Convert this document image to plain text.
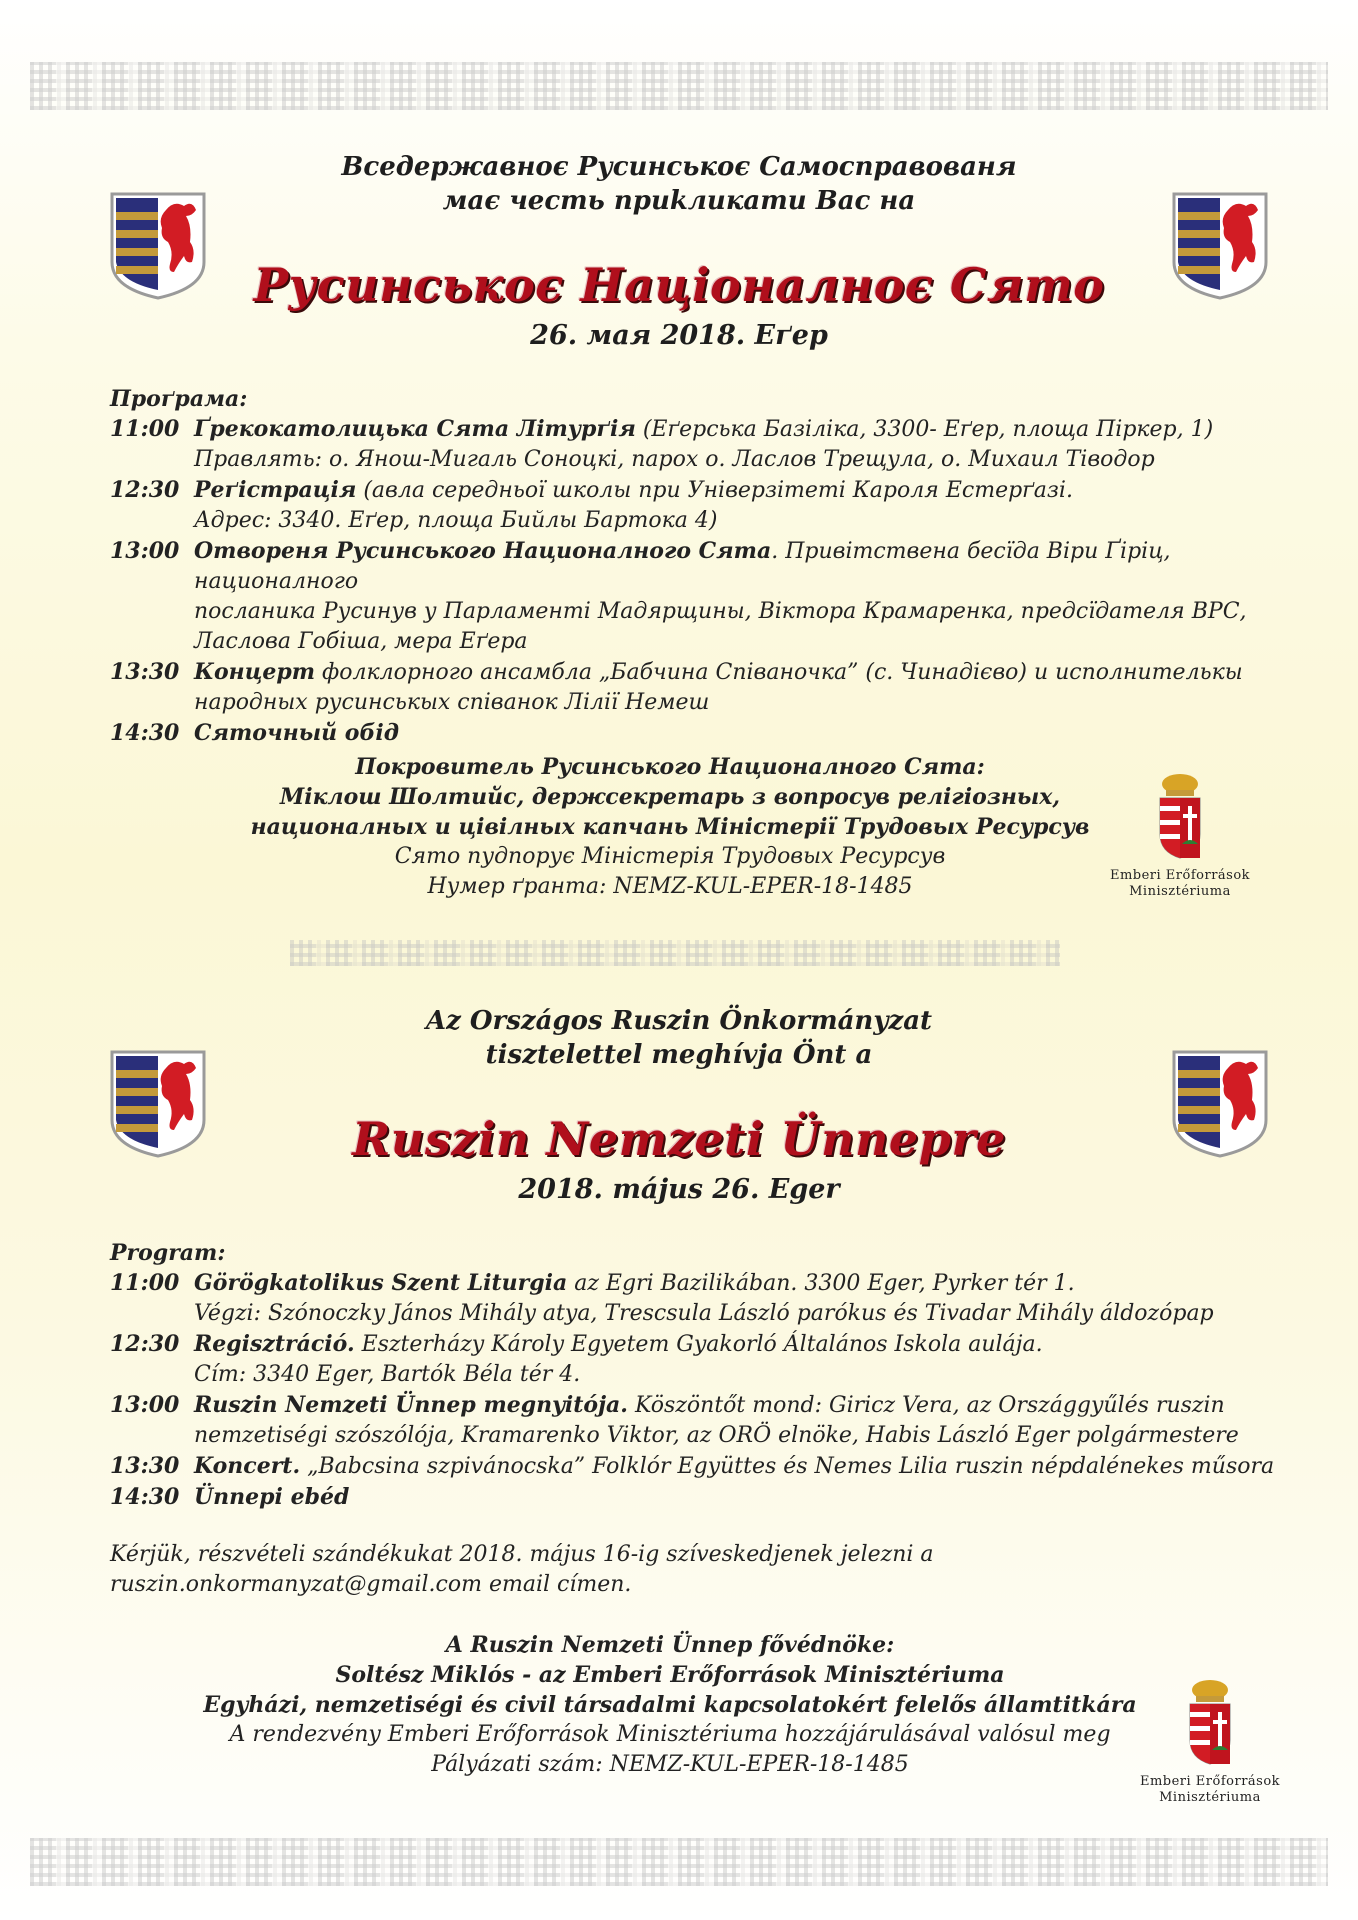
Вседержавноє Русинськоє Самосправованя
має честь приkликати Вас на
Русинськоє Націоналноє Сято
26. мая 2018. Еґер
Проґрама:
11:00 Ґрекокатолицька Сята Літурґія (Еґерська Базіліка, 3300- Еґер, площа Піркер, 1)
Правлять: о. Янош-Мигаль Соноцкі, парох о. Ласлов Трещула, о. Михаил Тіводор
12:30 Реґістрація (авла середньої школы при Універзітеті Кароля Естерґазі.
Адрес: 3340. Еґер, площа Бийлы Бартока 4)
13:00 Отвореня Русинського Националного Сята. Привітствена бесїда Віри Ґіріц, националного
посланика Русинув у Парламенті Мадярщины, Віктора Крамаренка, предсїдателя ВРС,
Ласлова Гобіша, мера Еґера
13:30 Концерт фолклорного ансамбла „Бабчина Співаночка” (с. Чинадієво) и исполнителькы
народных русинськых співанок Лілії Немеш
14:30 Сяточный обід
Покровитель Русинського Националного Сята:
Міклош Шолтийс, держсекретарь з вопросув релігіозных,
националных и цівілных капчань Міністерії Трудовых Ресурсув
Сято пудпорує Міністерія Трудовых Ресурсув
Нумер ґранта: NEMZ-KUL-EPER-18-1485	Emberi Erőforrások
Minisztériuma
Az Országos Ruszin Önkormányzat
tisztelettel meghívja Önt a
Ruszin Nemzeti Ünnepre
2018. május 26. Eger
Program:
11:00 Görögkatolikus Szent Liturgia az Egri Bazilikában. 3300 Eger, Pyrker tér 1.
Végzi: Szónoczky János Mihály atya, Trescsula László parókus és Tivadar Mihály áldozópap
12:30 Regisztráció. Eszterházy Károly Egyetem Gyakorló Általános Iskola aulája.
Cím: 3340 Eger, Bartók Béla tér 4.
13:00 Ruszin Nemzeti Ünnep megnyitója. Köszöntőt mond: Giricz Vera, az Országgyűlés ruszin
nemzetiségi szószólója, Kramarenko Viktor, az ORÖ elnöke, Habis László Eger polgármestere
13:30 Koncert. „Babcsina szpivánocska” Folklór Együttes és Nemes Lilia ruszin népdalénekes műsora
14:30 Ünnepi ebéd
Kérjük, részvételi szándékukat 2018. május 16-ig szíveskedjenek jelezni a
ruszin.onkormanyzat@gmail.com email címen.
A Ruszin Nemzeti Ünnep fővédnöke:
Soltész Miklós - az Emberi Erőforrások Minisztériuma
Egyházi, nemzetiségi és civil társadalmi kapcsolatokért felelős államtitkára
A rendezvény Emberi Erőforrások Minisztériuma hozzájárulásával valósul meg
Pályázati szám: NEMZ-KUL-EPER-18-1485
Emberi Erőforrások
Minisztériuma
